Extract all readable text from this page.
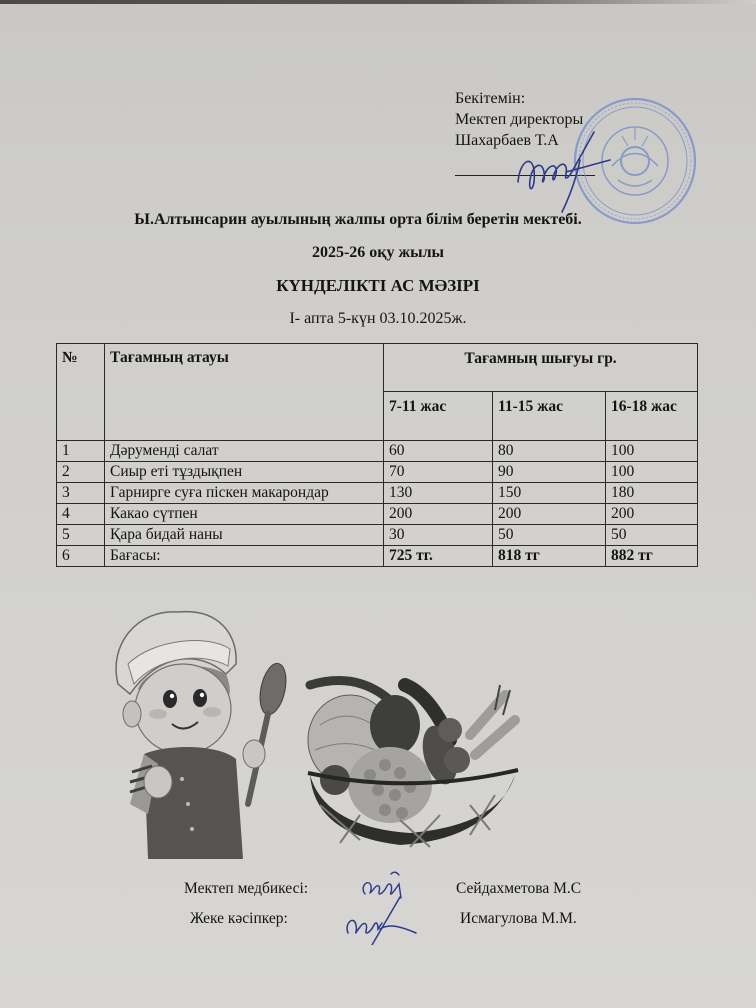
Бекітемін:
Мектеп директоры
Шахарбаев Т.А
Ы.Алтынсарин ауылының жалпы орта білім беретін мектебі.
2025-26 оқу жылы
КҮНДЕЛІКТІ АС МӘЗІРІ
І- апта 5-күн 03.10.2025ж.
№	Тағамның атауы	Тағамның шығуы гр.		
		7-11 жас	11-15 жас	16-18 жас
1	Дәруменді салат	60	80	100
2	Сиыр еті тұздықпен	70	90	100
3	Гарнирге суға піскен макарондар	130	150	180
4	Какао сүтпен	200	200	200
5	Қара бидай наны	30	50	50
6	Бағасы:	725 тг.	818 тг	882 тг
Мектеп медбикесі:	Сейдахметова М.С
Жеке кәсіпкер:	Исмагулова М.М.
